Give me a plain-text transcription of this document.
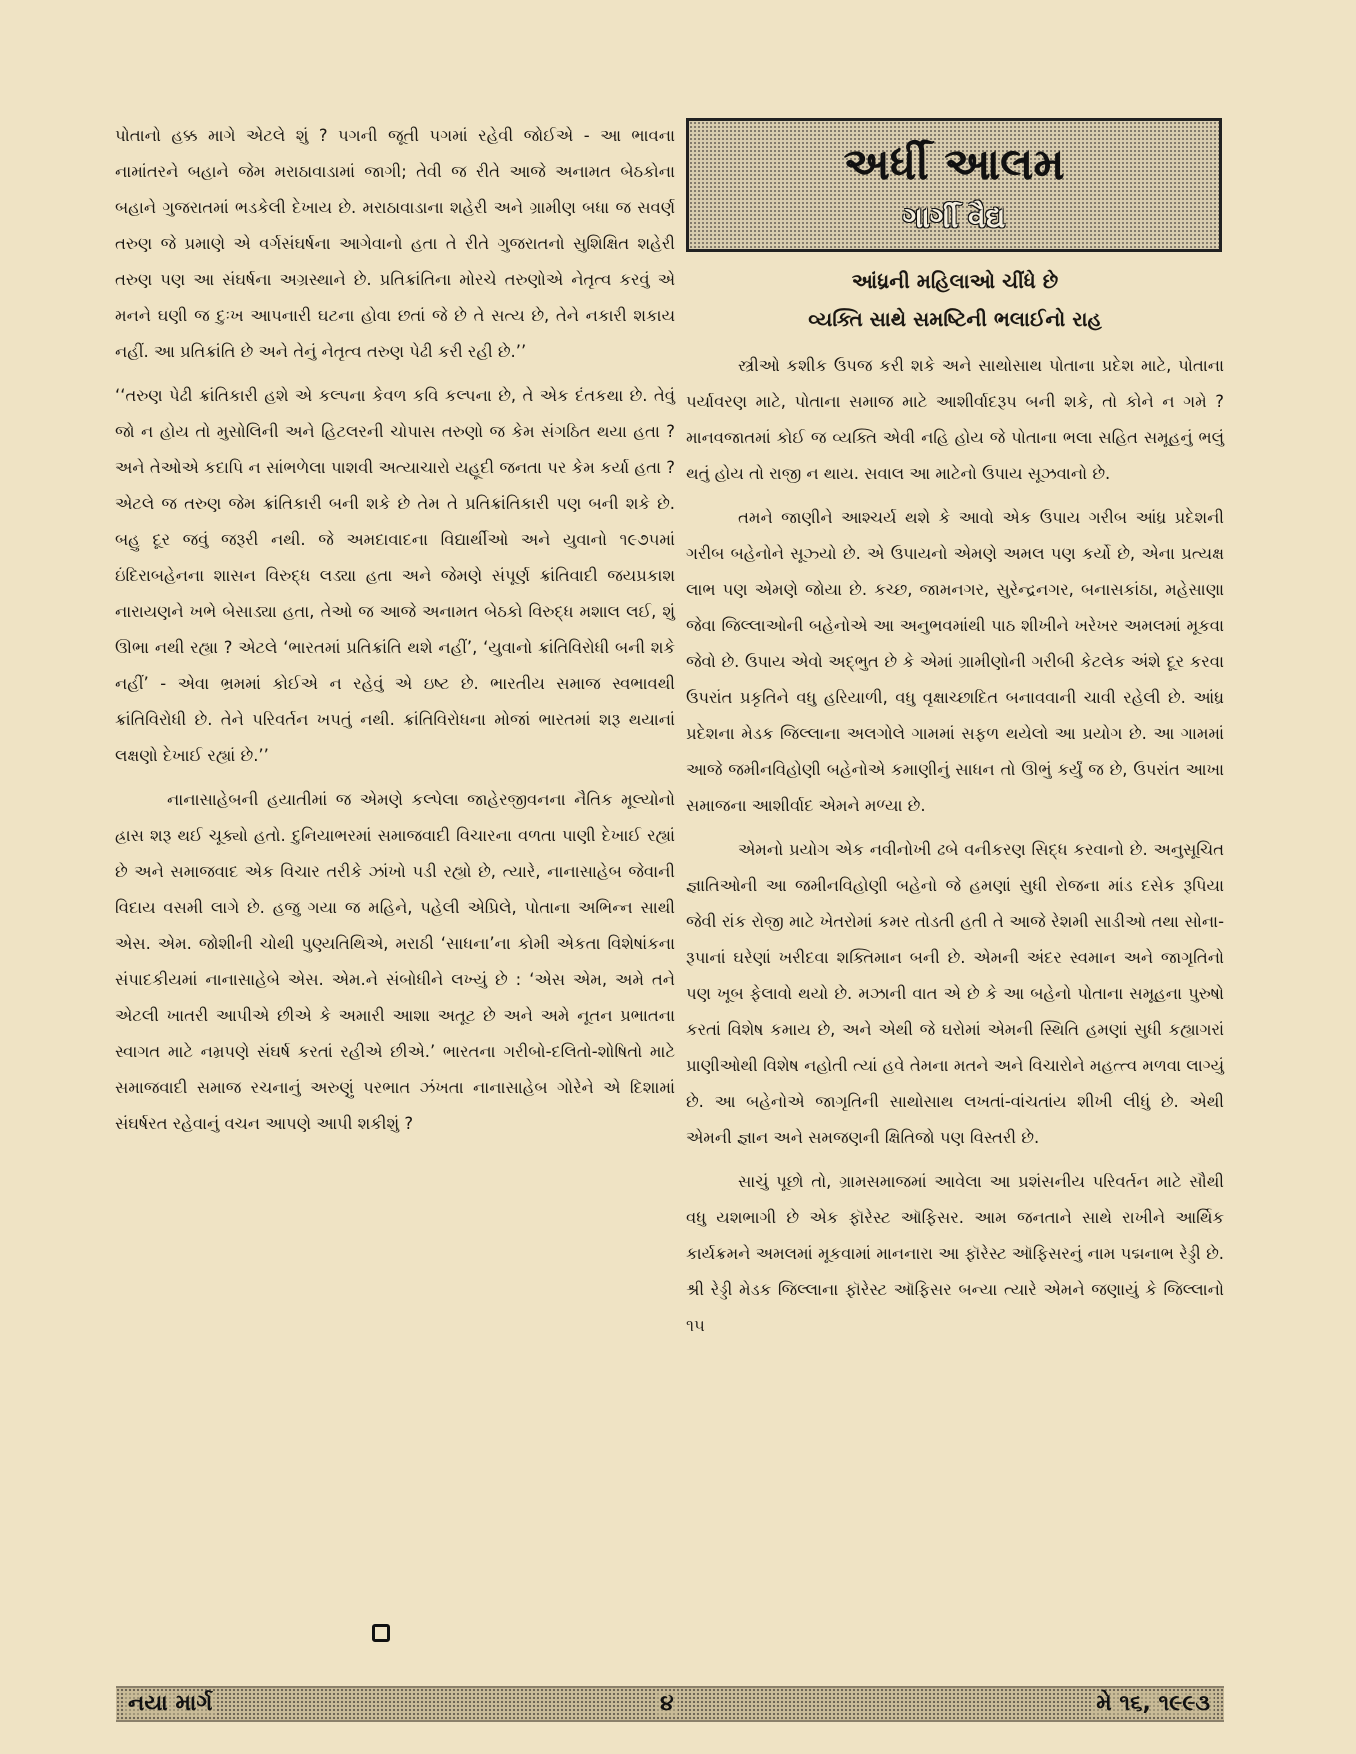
પોતાનો હક્ક માગે એટલે શું ? પગની જૂતી પગમાં રહેવી જોઈએ - આ ભાવના નામાંતરને બહાને જેમ મરાઠાવાડામાં જાગી; તેવી જ રીતે આજે અનામત બેઠકોના બહાને ગુજરાતમાં ભડકેલી દેખાય છે. મરાઠાવાડાના શહેરી અને ગ્રામીણ બધા જ સવર્ણ તરુણ જે પ્રમાણે એ વર્ગસંઘર્ષના આગેવાનો હતા તે રીતે ગુજરાતનો સુશિક્ષિત શહેરી તરુણ પણ આ સંઘર્ષના અગ્રસ્થાને છે. પ્રતિક્રાંતિના મોરચે તરુણોએ નેતૃત્વ કરવું એ મનને ઘણી જ દુઃખ આપનારી ઘટના હોવા છતાં જે છે તે સત્ય છે, તેને નકારી શકાય નહીં. આ પ્રતિક્રાંતિ છે અને તેનું નેતૃત્વ તરુણ પેઢી કરી રહી છે.’’

‘‘તરુણ પેઢી ક્રાંતિકારી હશે એ કલ્પના કેવળ કવિ કલ્પના છે, તે એક દંતકથા છે. તેવું જો ન હોય તો મુસોલિની અને હિટલરની ચોપાસ તરુણો જ કેમ સંગઠિત થયા હતા ? અને તેઓએ કદાપિ ન સાંભળેલા પાશવી અત્યાચારો યહૂદી જનતા પર કેમ કર્યા હતા ? એટલે જ તરુણ જેમ ક્રાંતિકારી બની શકે છે તેમ તે પ્રતિક્રાંતિકારી પણ બની શકે છે. બહુ દૂર જવું જરૂરી નથી. જે અમદાવાદના વિદ્યાર્થીઓ અને યુવાનો ૧૯૭૫માં ઇંદિરાબહેનના શાસન વિરુદ્ધ લડ્યા હતા અને જેમણે સંપૂર્ણ ક્રાંતિવાદી જયપ્રકાશ નારાયણને ખભે બેસાડ્યા હતા, તેઓ જ આજે અનામત બેઠકો વિરુદ્ધ મશાલ લઈ, શું ઊભા નથી રહ્યા ? એટલે ‘ભારતમાં પ્રતિક્રાંતિ થશે નહીં’, ‘યુવાનો ક્રાંતિવિરોધી બની શકે નહીં’ - એવા ભ્રમમાં કોઈએ ન રહેવું એ ઇષ્ટ છે. ભારતીય સમાજ સ્વભાવથી ક્રાંતિવિરોધી છે. તેને પરિવર્તન ખપતું નથી. ક્રાંતિવિરોધના મોજાં ભારતમાં શરૂ થયાનાં લક્ષણો દેખાઈ રહ્યાં છે.’’

નાનાસાહેબની હયાતીમાં જ એમણે કલ્પેલા જાહેરજીવનના નૈતિક મૂલ્યોનો હ્રાસ શરૂ થઈ ચૂક્યો હતો. દુનિયાભરમાં સમાજવાદી વિચારના વળતા પાણી દેખાઈ રહ્યાં છે અને સમાજવાદ એક વિચાર તરીકે ઝાંખો પડી રહ્યો છે, ત્યારે, નાનાસાહેબ જેવાની વિદાય વસમી લાગે છે. હજુ ગયા જ મહિને, પહેલી એપ્રિલે, પોતાના અભિન્ન સાથી એસ. એમ. જોશીની ચોથી પુણ્યતિથિએ, મરાઠી ‘સાધના’ના કોમી એકતા વિશેષાંકના સંપાદકીયમાં નાનાસાહેબે એસ. એમ.ને સંબોધીને લખ્યું છે : ‘એસ એમ, અમે તને એટલી ખાતરી આપીએ છીએ કે અમારી આશા અતૂટ છે અને અમે નૂતન પ્રભાતના સ્વાગત માટે નમ્રપણે સંઘર્ષ કરતાં રહીએ છીએ.’ ભારતના ગરીબો-દલિતો-શોષિતો માટે સમાજવાદી સમાજ રચનાનું અરુણું પરભાત ઝંખતા નાનાસાહેબ ગોરેને એ દિશામાં સંઘર્ષરત રહેવાનું વચન આપણે આપી શકીશું ?

અર્ધી આલમ
ગાર્ગી વૈદ્ય

આંધ્રની મહિલાઓ ચીંધે છે

વ્યક્તિ સાથે સમષ્ટિની ભલાઈનો રાહ

સ્ત્રીઓ કશીક ઉપજ કરી શકે અને સાથોસાથ પોતાના પ્રદેશ માટે, પોતાના પર્યાવરણ માટે, પોતાના સમાજ માટે આશીર્વાદરૂપ બની શકે, તો કોને ન ગમે ? માનવજાતમાં કોઈ જ વ્યક્તિ એવી નહિ હોય જે પોતાના ભલા સહિત સમૂહનું ભલું થતું હોય તો રાજી ન થાય. સવાલ આ માટેનો ઉપાય સૂઝવાનો છે.

તમને જાણીને આશ્ચર્ય થશે કે આવો એક ઉપાય ગરીબ આંધ્ર પ્રદેશની ગરીબ બહેનોને સૂઝ્યો છે. એ ઉપાયનો એમણે અમલ પણ કર્યો છે, એના પ્રત્યક્ષ લાભ પણ એમણે જોયા છે. કચ્છ, જામનગર, સુરેન્દ્રનગર, બનાસકાંઠા, મહેસાણા જેવા જિલ્લાઓની બહેનોએ આ અનુભવમાંથી પાઠ શીખીને ખરેખર અમલમાં મૂકવા જેવો છે. ઉપાય એવો અદ્ભુત છે કે એમાં ગ્રામીણોની ગરીબી કેટલેક અંશે દૂર કરવા ઉપરાંત પ્રકૃતિને વધુ હરિયાળી, વધુ વૃક્ષાચ્છાદિત બનાવવાની ચાવી રહેલી છે. આંધ્ર પ્રદેશના મેડક જિલ્લાના અલગોલે ગામમાં સફળ થયેલો આ પ્રયોગ છે. આ ગામમાં આજે જમીનવિહોણી બહેનોએ કમાણીનું સાધન તો ઊભું કર્યું જ છે, ઉપરાંત આખા સમાજના આશીર્વાદ એમને મળ્યા છે.

એમનો પ્રયોગ એક નવીનોખી ઢબે વનીકરણ સિદ્ધ કરવાનો છે. અનુસૂચિત જ્ઞાતિઓની આ જમીનવિહોણી બહેનો જે હમણાં સુધી રોજના માંડ દસેક રૂપિયા જેવી રાંક રોજી માટે ખેતરોમાં કમર તોડતી હતી તે આજે રેશમી સાડીઓ તથા સોના-રૂપાનાં ઘરેણાં ખરીદવા શક્તિમાન બની છે. એમની અંદર સ્વમાન અને જાગૃતિનો પણ ખૂબ ફેલાવો થયો છે. મઝાની વાત એ છે કે આ બહેનો પોતાના સમૂહના પુરુષો કરતાં વિશેષ કમાય છે, અને એથી જે ઘરોમાં એમની સ્થિતિ હમણાં સુધી કહ્યાગરાં પ્રાણીઓથી વિશેષ નહોતી ત્યાં હવે તેમના મતને અને વિચારોને મહત્ત્વ મળવા લાગ્યું છે. આ બહેનોએ જાગૃતિની સાથોસાથ લખતાં-વાંચતાંય શીખી લીધું છે. એથી એમની જ્ઞાન અને સમજણની ક્ષિતિજો પણ વિસ્તરી છે.

સાચું પૂછો તો, ગ્રામસમાજમાં આવેલા આ પ્રશંસનીય પરિવર્તન માટે સૌથી વધુ યશભાગી છે એક ફૉરેસ્ટ ઑફિસર. આમ જનતાને સાથે રાખીને આર્થિક કાર્યક્રમને અમલમાં મૂકવામાં માનનારા આ ફૉરેસ્ટ ઑફિસરનું નામ પદ્મનાભ રેડ્ડી છે. શ્રી રેડ્ડી મેડક જિલ્લાના ફૉરેસ્ટ ઑફિસર બન્યા ત્યારે એમને જણાયું કે જિલ્લાનો ૧૫

નયા માર્ગ	૪	મે ૧૬, ૧૯૯૩
